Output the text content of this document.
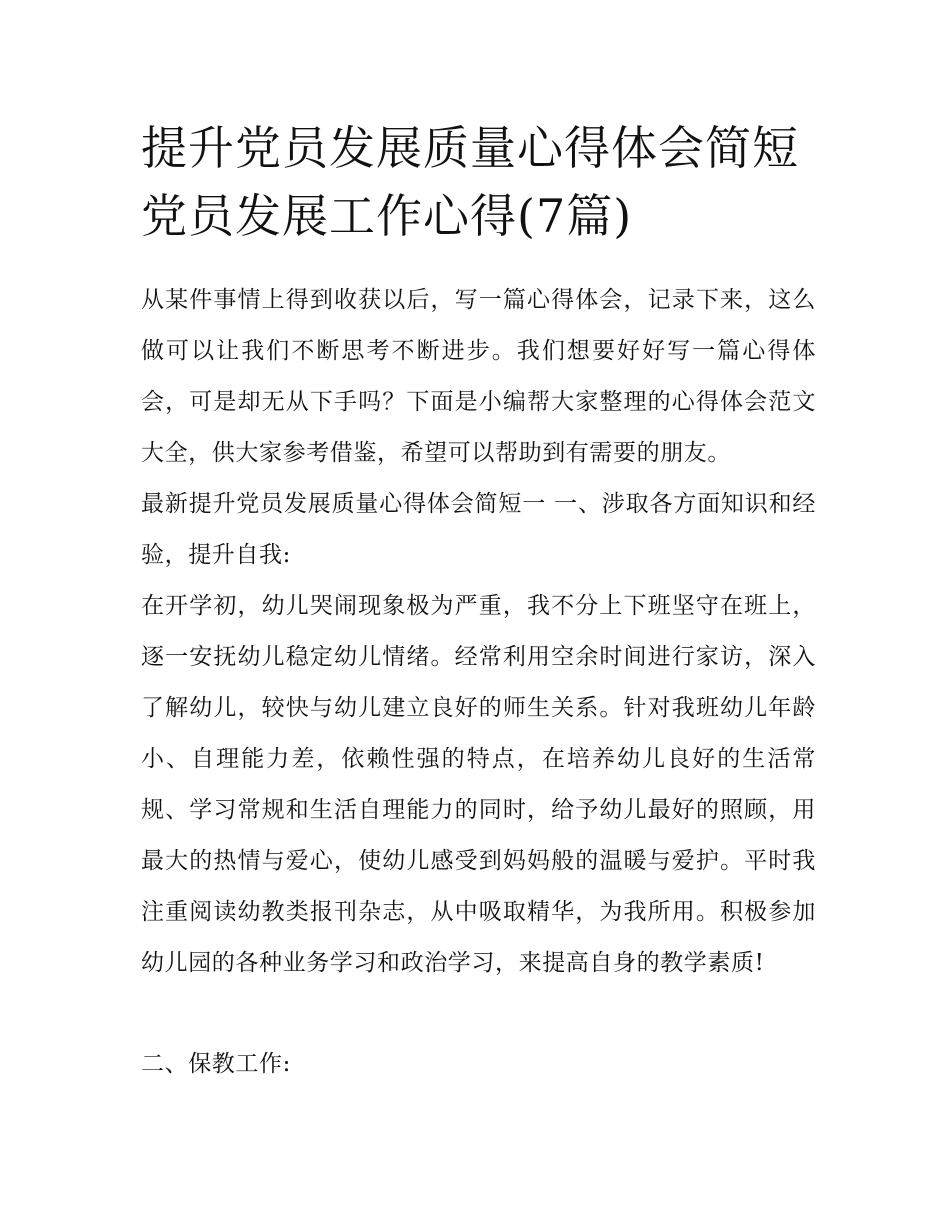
提升党员发展质量心得体会简短 党员发展工作心得(7篇)

从某件事情上得到收获以后，写一篇心得体会，记录下来，这么做可以让我们不断思考不断进步。我们想要好好写一篇心得体会，可是却无从下手吗？下面是小编帮大家整理的心得体会范文大全，供大家参考借鉴，希望可以帮助到有需要的朋友。

最新提升党员发展质量心得体会简短一 一、涉取各方面知识和经验，提升自我:

在开学初，幼儿哭闹现象极为严重，我不分上下班坚守在班上，逐一安抚幼儿稳定幼儿情绪。经常利用空余时间进行家访，深入了解幼儿，较快与幼儿建立良好的师生关系。针对我班幼儿年龄小、自理能力差，依赖性强的特点，在培养幼儿良好的生活常规、学习常规和生活自理能力的同时，给予幼儿最好的照顾，用最大的热情与爱心，使幼儿感受到妈妈般的温暖与爱护。平时我注重阅读幼教类报刊杂志，从中吸取精华，为我所用。积极参加幼儿园的各种业务学习和政治学习，来提高自身的教学素质!

二、保教工作:
